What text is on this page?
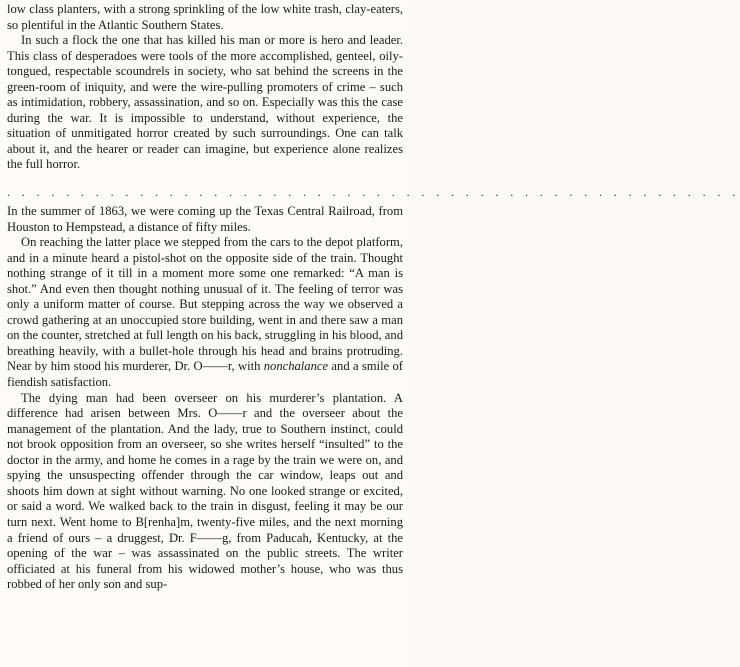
low class planters, with a strong sprinkling of the low white trash, clay-eaters, so plentiful in the Atlantic Southern States.

In such a flock the one that has killed his man or more is hero and leader. This class of desperadoes were tools of the more accomplished, genteel, oily-tongued, respectable scoundrels in society, who sat behind the screens in the green-room of iniquity, and were the wire-pulling promoters of crime – such as intimidation, robbery, assassination, and so on. Especially was this the case during the war. It is impossible to understand, without experience, the situation of unmitigated horror created by such surroundings. One can talk about it, and the hearer or reader can imagine, but experience alone realizes the full horror.

. . . . . . . . . . . . . . . . . . . . . . . . . . . . . . . . . . . . . . . . . . . . . . . . . .

In the summer of 1863, we were coming up the Texas Central Railroad, from Houston to Hempstead, a distance of fifty miles.

On reaching the latter place we stepped from the cars to the depot platform, and in a minute heard a pistol-shot on the opposite side of the train. Thought nothing strange of it till in a moment more some one remarked: “A man is shot.” And even then thought nothing unusual of it. The feeling of terror was only a uniform matter of course. But stepping across the way we observed a crowd gathering at an unoccupied store building, went in and there saw a man on the counter, stretched at full length on his back, struggling in his blood, and breathing heavily, with a bullet-hole through his head and brains protruding. Near by him stood his murderer, Dr. O——r, with nonchalance and a smile of fiendish satisfaction.

The dying man had been overseer on his murderer’s plantation. A difference had arisen between Mrs. O——r and the overseer about the management of the plantation. And the lady, true to Southern instinct, could not brook opposition from an overseer, so she writes herself “insulted” to the doctor in the army, and home he comes in a rage by the train we were on, and spying the unsuspecting offender through the car window, leaps out and shoots him down at sight without warning. No one looked strange or excited, or said a word. We walked back to the train in disgust, feeling it may be our turn next. Went home to B[renha]m, twenty-five miles, and the next morning a friend of ours – a druggest, Dr. F——g, from Paducah, Kentucky, at the opening of the war – was assassinated on the public streets. The writer officiated at his funeral from his widowed mother’s house, who was thus robbed of her only son and sup-
